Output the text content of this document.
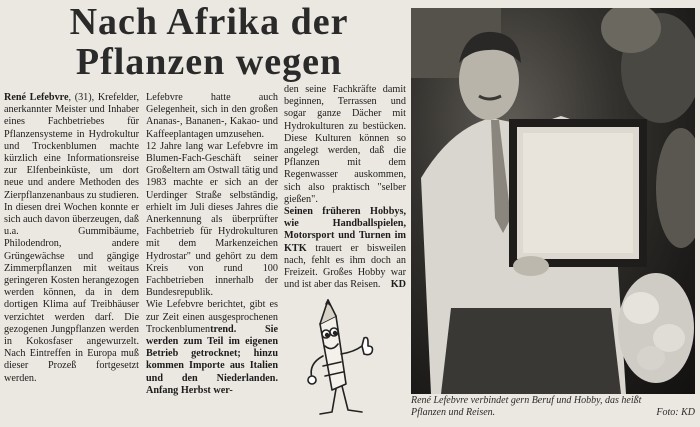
Nach Afrika der
Pflanzen wegen

René Lefebvre, (31), Krefelder, anerkannter Meister und Inhaber eines Fachbetriebes für Pflanzensysteme in Hydrokultur und Trockenblumen machte kürzlich eine Informationsreise zur Elfenbeinküste, um dort neue und andere Methoden des Zierpflanzenanbaus zu studieren.

In diesen drei Wochen konnte er sich auch davon überzeugen, daß u.a. Gummibäume, Philodendron, andere Grüngewächse und gängige Zimmerpflanzen mit weitaus geringeren Kosten herangezogen werden können, da in dem dortigen Klima auf Treibhäuser verzichtet werden darf. Die gezogenen Jungpflanzen werden in Kokosfaser angewurzelt. Nach Eintreffen in Europa muß dieser Prozeß fortgesetzt werden.

Lefebvre hatte auch Gelegenheit, sich in den großen Ananas-, Bananen-, Kakao- und Kaffeeplantagen umzusehen.

12 Jahre lang war Lefebvre im Blumen-Fach-Geschäft seiner Großeltern am Ostwall tätig und 1983 machte er sich an der Uerdinger Straße selbständig, erhielt im Juli dieses Jahres die Anerkennung als überprüfter Fachbetrieb für Hydrokulturen mit dem Markenzeichen Hydrostar" und gehört zu dem Kreis von rund 100 Fachbetrieben innerhalb der Bundesrepublik.

Wie Lefebvre berichtet, gibt es zur Zeit einen ausgesprochenen Trockenblumentrend. Sie werden zum Teil im eigenen Betrieb getrocknet; hinzu kommen Importe aus Italien und den Niederlanden. Anfang Herbst wer-

den seine Fachkräfte damit beginnen, Terrassen und sogar ganze Dächer mit Hydrokulturen zu bestücken. Diese Kulturen können so angelegt werden, daß die Pflanzen mit dem Regenwasser auskommen, sich also praktisch "selber gießen".

Seinen früheren Hobbys, wie Handballspielen, Motorsport und Turnen im KTK trauert er bisweilen nach, fehlt es ihm doch an Freizeit. Großes Hobby war und ist aber das Reisen. KD

René Lefebvre verbindet gern Beruf und Hobby, das heißt
Pflanzen und Reisen.	Foto: KD
